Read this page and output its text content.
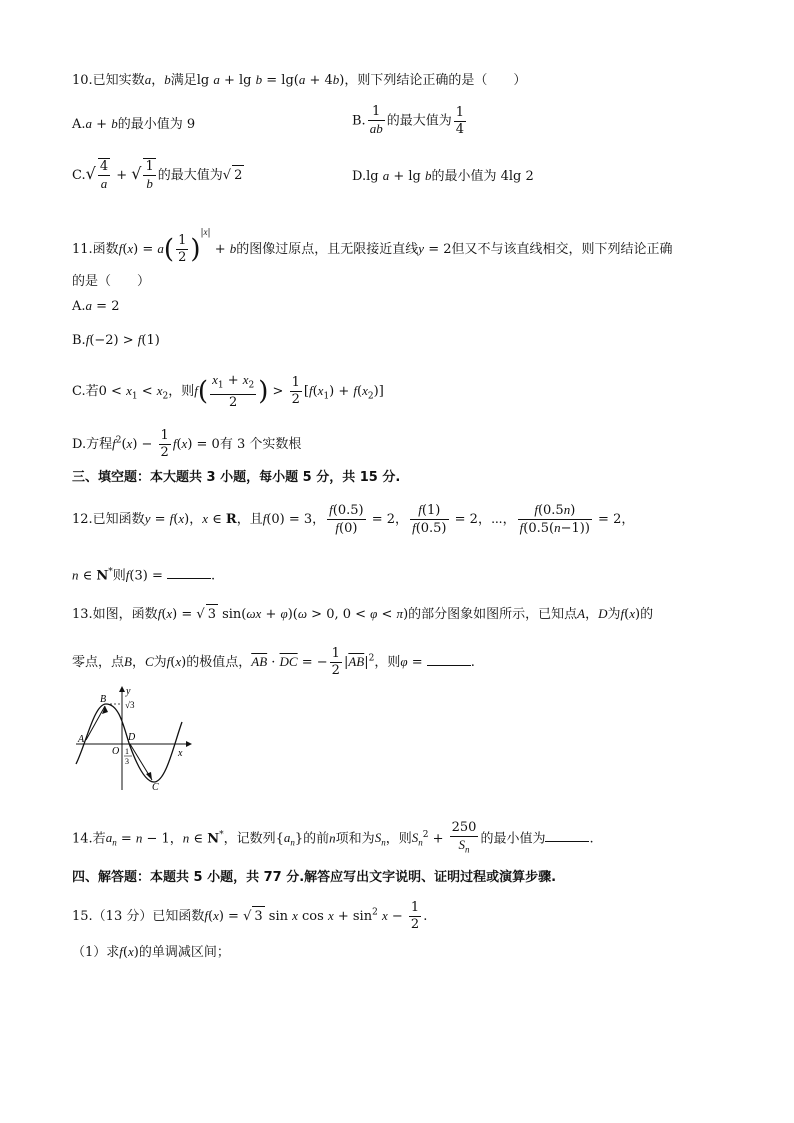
10.已知实数a，b满足lg a + lg b = lg(a + 4b)，则下列结论正确的是（　　）
A.a + b的最小值为 9	B. $\frac{1}{ab}$ 的最大值为 $\frac{1}{4}$
$C.√ \frac{4}{a}$ + √ $\frac{1}{b}$ 的最大值为√ 2	D.lg a + lg b的最小值为 4lg 2
11.函数$f(x) = a( \frac{1}{2} )^{|x|} + b$的图像过原点，且无限接近直线y = 2但又不与该直线相交，则下列结论正确
的是（　　）
A.a = 2
B.f(−2) > f(1)
C.若$0 < x_1 < x_2$，则$f( \frac{x_1 + x_2}{2}$ ) > $\frac{1}{2} [f(x_1) + f(x_2)]$
D.方程$f^2(x) - \frac{1}{2} f(x) = 0$有 3 个实数根
三、填空题：本大题共 3 小题，每小题 5 分，共 15 分.
12.已知函数y = f(x)，x ∈ R，且f(0) = 3， $\frac{f(0.5)}{f(0)} = 2$， $\frac{f(1)}{f(0.5)} = 2$，⋯， $\frac{f(0.5n)}{f(0.5(n-1))} = 2$，
n ∈ N*则f(3) =	.
13.如图，函数f(x) = √ 3 sin(ωx + φ)(ω > 0, 0 < φ < π)的部分图象如图所示，已知点A，D为f(x)的
零点，点B，C为f(x)的极值点，$\overline{AB} \cdot \overline{DC}$ = − $\frac{1}{2} |\overline{AB}|^2$，则φ =	.
A
B
C
D
O	x
y
√3
1
3
14.若$a_n = n - 1$，n ∈ N*，记数列$\{a_n\}$的前n项和为$S_n$，则$S_n^2 + \frac{250}{S_n}$ 的最小值为	.
四、解答题：本题共 5 小题，共 77 分.解答应写出文字说明、证明过程或演算步骤.
15.（13 分）已知函数f(x) = √ 3 sin x $\cos x + \sin^2 x - \frac{1}{2}$ .
（1）求f(x)的单调减区间；
